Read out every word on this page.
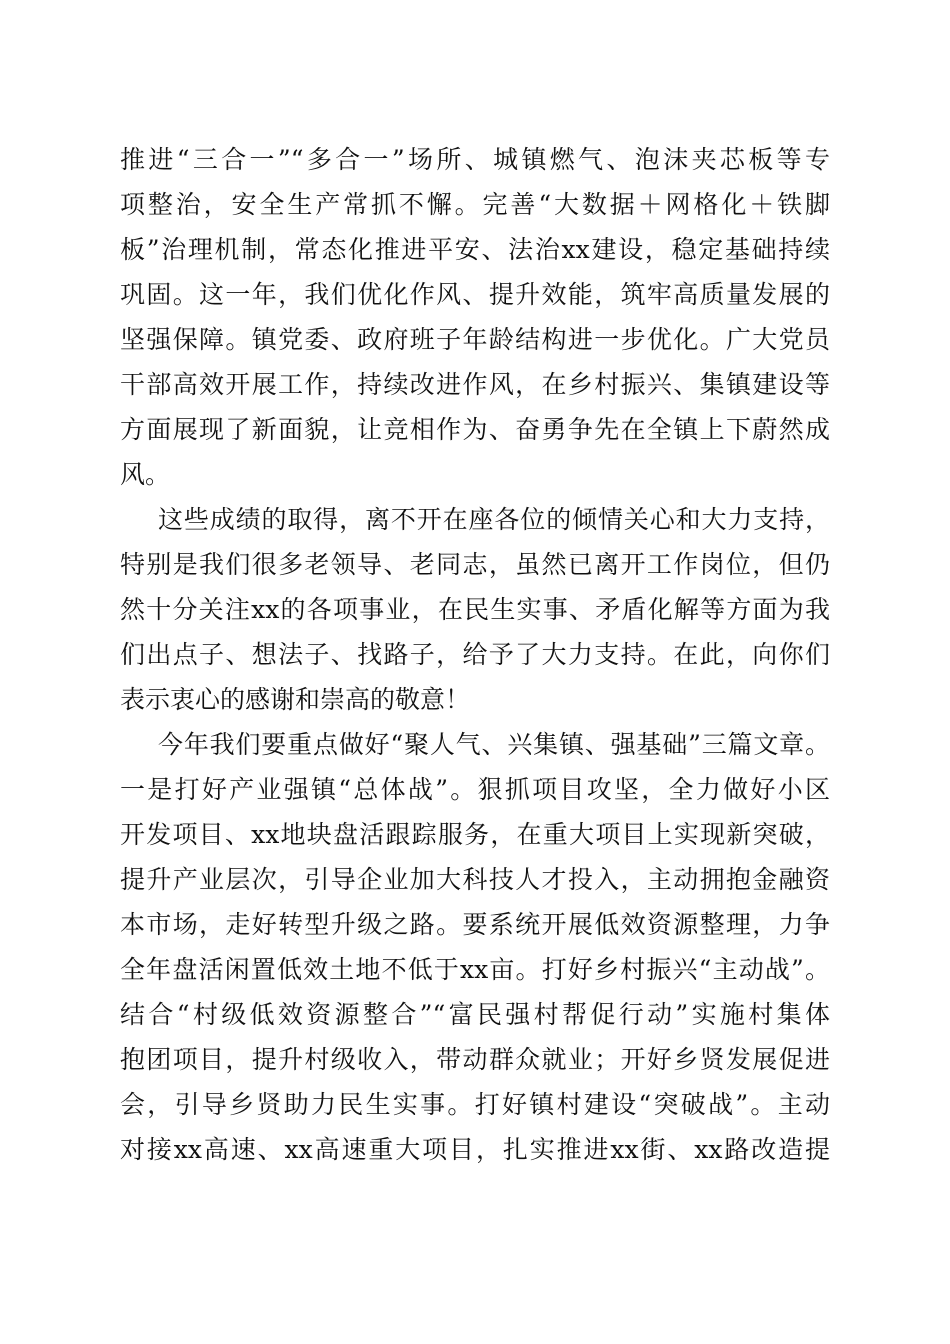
推进“三合一”“多合一”场所、城镇燃气、泡沫夹芯板等专
项整治，安全生产常抓不懈。完善“大数据＋网格化＋铁脚
板”治理机制，常态化推进平安、法治xx建设，稳定基础持续
巩固。这一年，我们优化作风、提升效能，筑牢高质量发展的
坚强保障。镇党委、政府班子年龄结构进一步优化。广大党员
干部高效开展工作，持续改进作风，在乡村振兴、集镇建设等
方面展现了新面貌，让竞相作为、奋勇争先在全镇上下蔚然成
风。
这些成绩的取得，离不开在座各位的倾情关心和大力支持，
特别是我们很多老领导、老同志，虽然已离开工作岗位，但仍
然十分关注xx的各项事业，在民生实事、矛盾化解等方面为我
们出点子、想法子、找路子，给予了大力支持。在此，向你们
表示衷心的感谢和崇高的敬意！
今年我们要重点做好“聚人气、兴集镇、强基础”三篇文章。
一是打好产业强镇“总体战”。狠抓项目攻坚，全力做好小区
开发项目、xx地块盘活跟踪服务，在重大项目上实现新突破，
提升产业层次，引导企业加大科技人才投入，主动拥抱金融资
本市场，走好转型升级之路。要系统开展低效资源整理，力争
全年盘活闲置低效土地不低于xx亩。打好乡村振兴“主动战”。
结合“村级低效资源整合”“富民强村帮促行动”实施村集体
抱团项目，提升村级收入，带动群众就业；开好乡贤发展促进
会，引导乡贤助力民生实事。打好镇村建设“突破战”。主动
对接xx高速、xx高速重大项目，扎实推进xx街、xx路改造提
